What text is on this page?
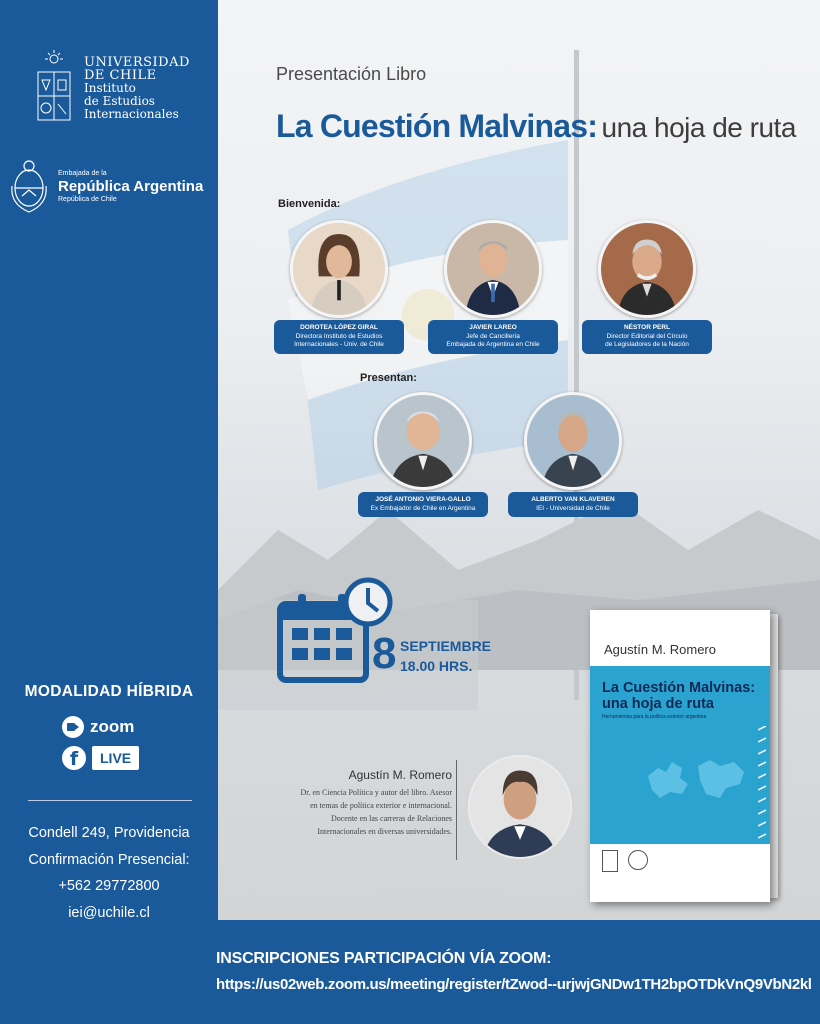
UNIVERSIDAD
DE CHILE
Instituto
de Estudios
Internacionales
Embajada de la
República Argentina
República de Chile
MODALIDAD HÍBRIDA
zoom
f	LIVE
Condell 249, Providencia
Confirmación Presencial:
+562 29772800
iei@uchile.cl
Presentación Libro
La Cuestión Malvinas: una hoja de ruta
Bienvenida:
DOROTEA LÓPEZ GIRAL
Directora Instituto de Estudios
Internacionales - Univ. de Chile
JAVIER LAREO
Jefe de Cancillería
Embajada de Argentina en Chile
NÉSTOR PERL
Director Editorial del Círculo
de Legisladores de la Nación
Presentan:
JOSÉ ANTONIO VIERA-GALLO
Ex Embajador de Chile en Argentina
ALBERTO VAN KLAVEREN
IEI - Universidad de Chile
8 SEPTIEMBRE
18.00 HRS.
Agustín M. Romero
Dr. en Ciencia Política y autor del libro. Asesor
en temas de política exterior e internacional.
Docente en las carreras de Relaciones
Internacionales en diversas universidades.
Agustín M. Romero
La Cuestión Malvinas:
una hoja de ruta
Herramientas para la política exterior argentina
INSCRIPCIONES PARTICIPACIÓN VÍA ZOOM:
https://us02web.zoom.us/meeting/register/tZwod--urjwjGNDw1TH2bpOTDkVnQ9VbN2kl
